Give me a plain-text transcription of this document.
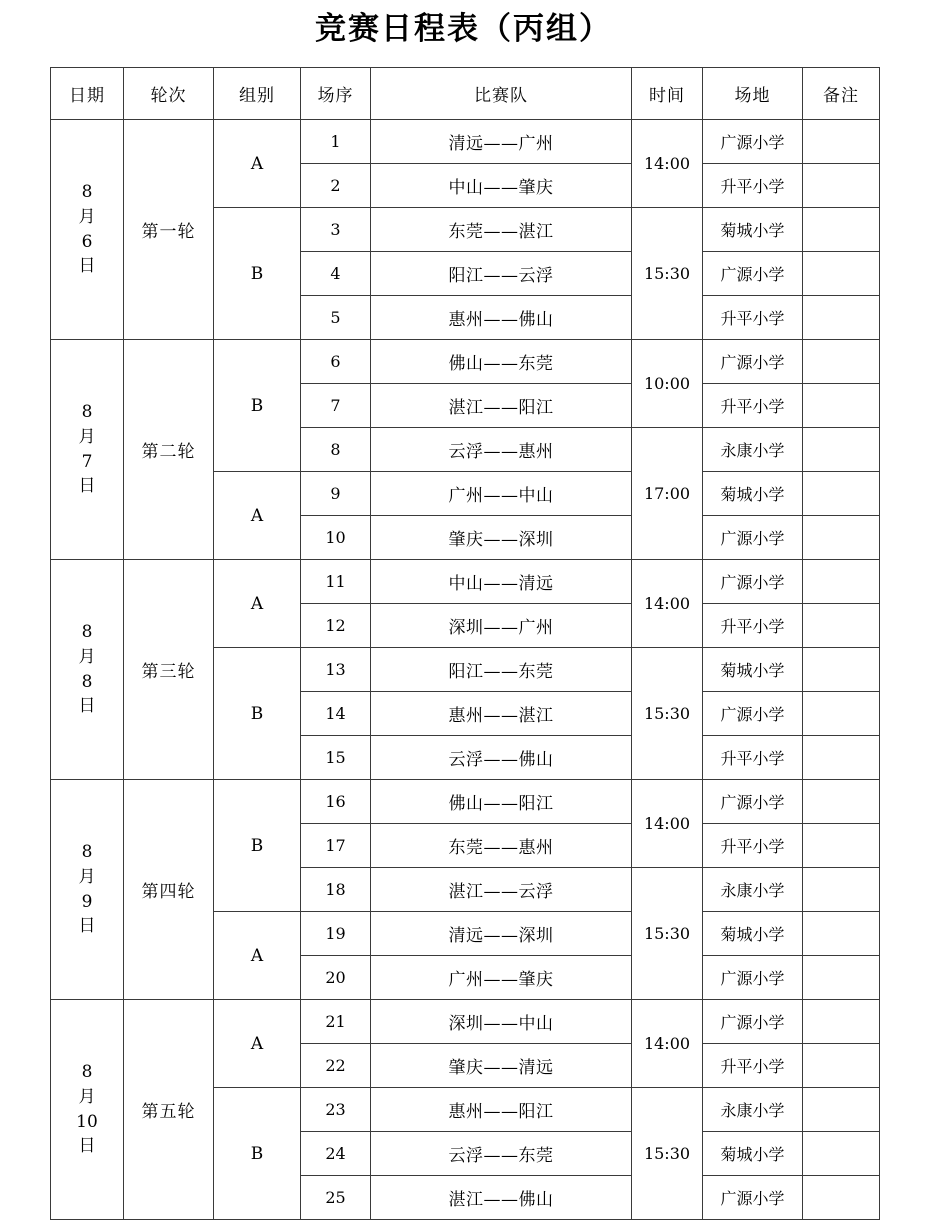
竞赛日程表（丙组）
日期	轮次	组别	场序	比赛队	时间	场地	备注

8
月
6
日	第一轮	A	1	清远——广州	14:00	广源小学	
			2	中山——肇庆		升平小学	
		B	3	东莞——湛江	15:30	菊城小学	
			4	阳江——云浮		广源小学	
			5	惠州——佛山		升平小学	

8
月
7
日	第二轮	B	6	佛山——东莞	10:00	广源小学	
			7	湛江——阳江		升平小学	
			8	云浮——惠州	17:00	永康小学	
		A	9	广州——中山		菊城小学	
			10	肇庆——深圳		广源小学	

8
月
8
日	第三轮	A	11	中山——清远	14:00	广源小学	
			12	深圳——广州		升平小学	
		B	13	阳江——东莞	15:30	菊城小学	
			14	惠州——湛江		广源小学	
			15	云浮——佛山		升平小学	

8
月
9
日	第四轮	B	16	佛山——阳江	14:00	广源小学	
			17	东莞——惠州		升平小学	
			18	湛江——云浮	15:30	永康小学	
		A	19	清远——深圳		菊城小学	
			20	广州——肇庆		广源小学	

8
月
10
日	第五轮	A	21	深圳——中山	14:00	广源小学	
			22	肇庆——清远		升平小学	
		B	23	惠州——阳江	15:30	永康小学	
			24	云浮——东莞		菊城小学	
			25	湛江——佛山		广源小学	
